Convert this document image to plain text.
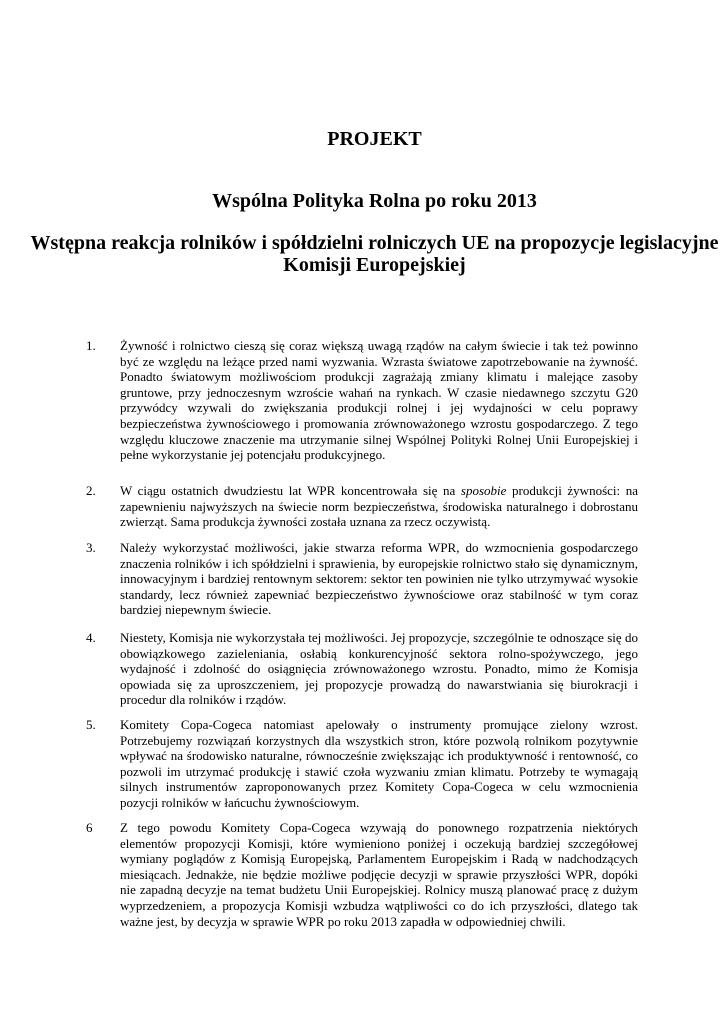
PROJEKT
Wspólna Polityka Rolna po roku 2013
Wstępna reakcja rolników i spółdzielni rolniczych UE na propozycje legislacyjne Komisji Europejskiej
1. Żywność i rolnictwo cieszą się coraz większą uwagą rządów na całym świecie i tak też powinno być ze względu na leżące przed nami wyzwania. Wzrasta światowe zapotrzebowanie na żywność. Ponadto światowym możliwościom produkcji zagrażają zmiany klimatu i malejące zasoby gruntowe, przy jednoczesnym wzroście wahań na rynkach. W czasie niedawnego szczytu G20 przywódcy wzywali do zwiększania produkcji rolnej i jej wydajności w celu poprawy bezpieczeństwa żywnościowego i promowania zrównoważonego wzrostu gospodarczego. Z tego względu kluczowe znaczenie ma utrzymanie silnej Wspólnej Polityki Rolnej Unii Europejskiej i pełne wykorzystanie jej potencjału produkcyjnego.

2. W ciągu ostatnich dwudziestu lat WPR koncentrowała się na sposobie produkcji żywności: na zapewnieniu najwyższych na świecie norm bezpieczeństwa, środowiska naturalnego i dobrostanu zwierząt. Sama produkcja żywności została uznana za rzecz oczywistą.

3. Należy wykorzystać możliwości, jakie stwarza reforma WPR, do wzmocnienia gospodarczego znaczenia rolników i ich spółdzielni i sprawienia, by europejskie rolnictwo stało się dynamicznym, innowacyjnym i bardziej rentownym sektorem: sektor ten powinien nie tylko utrzymywać wysokie standardy, lecz również zapewniać bezpieczeństwo żywnościowe oraz stabilność w tym coraz bardziej niepewnym świecie.

4. Niestety, Komisja nie wykorzystała tej możliwości. Jej propozycje, szczególnie te odnoszące się do obowiązkowego zazieleniania, osłabią konkurencyjność sektora rolno-spożywczego, jego wydajność i zdolność do osiągnięcia zrównoważonego wzrostu. Ponadto, mimo że Komisja opowiada się za uproszczeniem, jej propozycje prowadzą do nawarstwiania się biurokracji i procedur dla rolników i rządów.

5. Komitety Copa-Cogeca natomiast apelowały o instrumenty promujące zielony wzrost. Potrzebujemy rozwiązań korzystnych dla wszystkich stron, które pozwolą rolnikom pozytywnie wpływać na środowisko naturalne, równocześnie zwiększając ich produktywność i rentowność, co pozwoli im utrzymać produkcję i stawić czoła wyzwaniu zmian klimatu. Potrzeby te wymagają silnych instrumentów zaproponowanych przez Komitety Copa-Cogeca w celu wzmocnienia pozycji rolników w łańcuchu żywnościowym.

6 Z tego powodu Komitety Copa-Cogeca wzywają do ponownego rozpatrzenia niektórych elementów propozycji Komisji, które wymieniono poniżej i oczekują bardziej szczegółowej wymiany poglądów z Komisją Europejską, Parlamentem Europejskim i Radą w nadchodzących miesiącach. Jednakże, nie będzie możliwe podjęcie decyzji w sprawie przyszłości WPR, dopóki nie zapadną decyzje na temat budżetu Unii Europejskiej. Rolnicy muszą planować pracę z dużym wyprzedzeniem, a propozycja Komisji wzbudza wątpliwości co do ich przyszłości, dlatego tak ważne jest, by decyzja w sprawie WPR po roku 2013 zapadła w odpowiedniej chwili.
